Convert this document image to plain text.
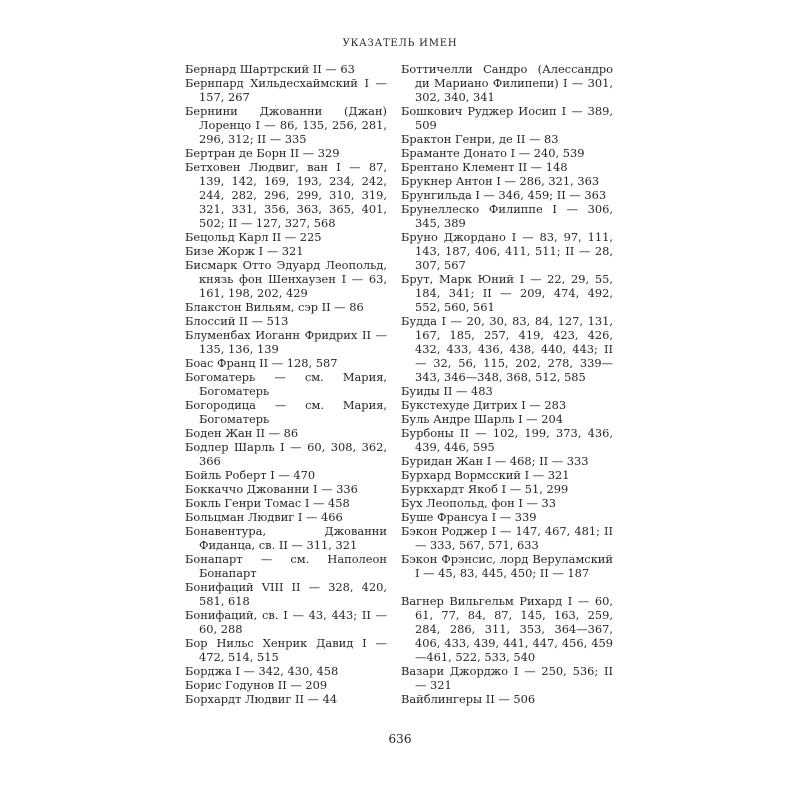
УКАЗАТЕЛЬ ИМЕН

Бернард Шартрский II — 63

Бернпард Хильдесхаймский I — 157, 267

Бернини Джованни (Джан) Лоренцо I — 86, 135, 256, 281, 296, 312; II — 335

Бертран де Борн II — 329

Бетховен Людвиг, ван I — 87, 139, 142, 169, 193, 234, 242, 244, 282, 296, 299, 310, 319, 321, 331, 356, 363, 365, 401, 502; II — 127, 327, 568

Бецольд Карл II — 225

Бизе Жорж I — 321

Бисмарк Отто Эдуард Леопольд, князь фон Шенхаузен I — 63, 161, 198, 202, 429

Блакстон Вильям, сэр II — 86

Блоссий II — 513

Блуменбах Иоганн Фридрих II — 135, 136, 139

Боас Франц II — 128, 587

Богоматерь — см. Мария, Богоматерь

Богородица — см. Мария, Богоматерь

Боден Жан II — 86

Бодлер Шарль I — 60, 308, 362, 366

Бойль Роберт I — 470

Боккаччо Джованни I — 336

Бокль Генри Томас I — 458

Больцман Людвиг I — 466

Бонавентура, Джованни Фиданца, св. II — 311, 321

Бонапарт — см. Наполеон Бонапарт

Бонифаций VIII II — 328, 420, 581, 618

Бонифаций, св. I — 43, 443; II — 60, 288

Бор Нильс Хенрик Давид I — 472, 514, 515

Борджа I — 342, 430, 458

Борис Годунов II — 209

Борхардт Людвиг II — 44

Боттичелли Сандро (Алессандро ди Мариано Филипепи) I — 301, 302, 340, 341

Бошкович Руджер Иосип I — 389, 509

Брактон Генри, де II — 83

Браманте Донато I — 240, 539

Брентано Клемент II — 148

Брукнер Антон I — 286, 321, 363

Брунгильда I — 346, 459; II — 363

Брунеллеско Филиппе I — 306, 345, 389

Бруно Джордано I — 83, 97, 111, 143, 187, 406, 411, 511; II — 28, 307, 567

Брут, Марк Юний I — 22, 29, 55, 184, 341; II — 209, 474, 492, 552, 560, 561

Будда I — 20, 30, 83, 84, 127, 131, 167, 185, 257, 419, 423, 426, 432, 433, 436, 438, 440, 443; II — 32, 56, 115, 202, 278, 339—343, 346—348, 368, 512, 585

Буиды II — 483

Букстехуде Дитрих I — 283

Буль Андре Шарль I — 204

Бурбоны II — 102, 199, 373, 436, 439, 446, 595

Буридан Жан I — 468; II — 333

Бурхард Вормсский I — 321

Буркхардт Якоб I — 51, 299

Бух Леопольд, фон I — 33

Буше Франсуа I — 339

Бэкон Роджер I — 147, 467, 481; II — 333, 567, 571, 633

Бэкон Фрэнсис, лорд Веруламский I — 45, 83, 445, 450; II — 187

Вагнер Вильгельм Рихард I — 60, 61, 77, 84, 87, 145, 163, 259, 284, 286, 311, 353, 364—367, 406, 433, 439, 441, 447, 456, 459—461, 522, 533, 540

Вазари Джорджо I — 250, 536; II — 321

Вайблингеры II — 506

636
